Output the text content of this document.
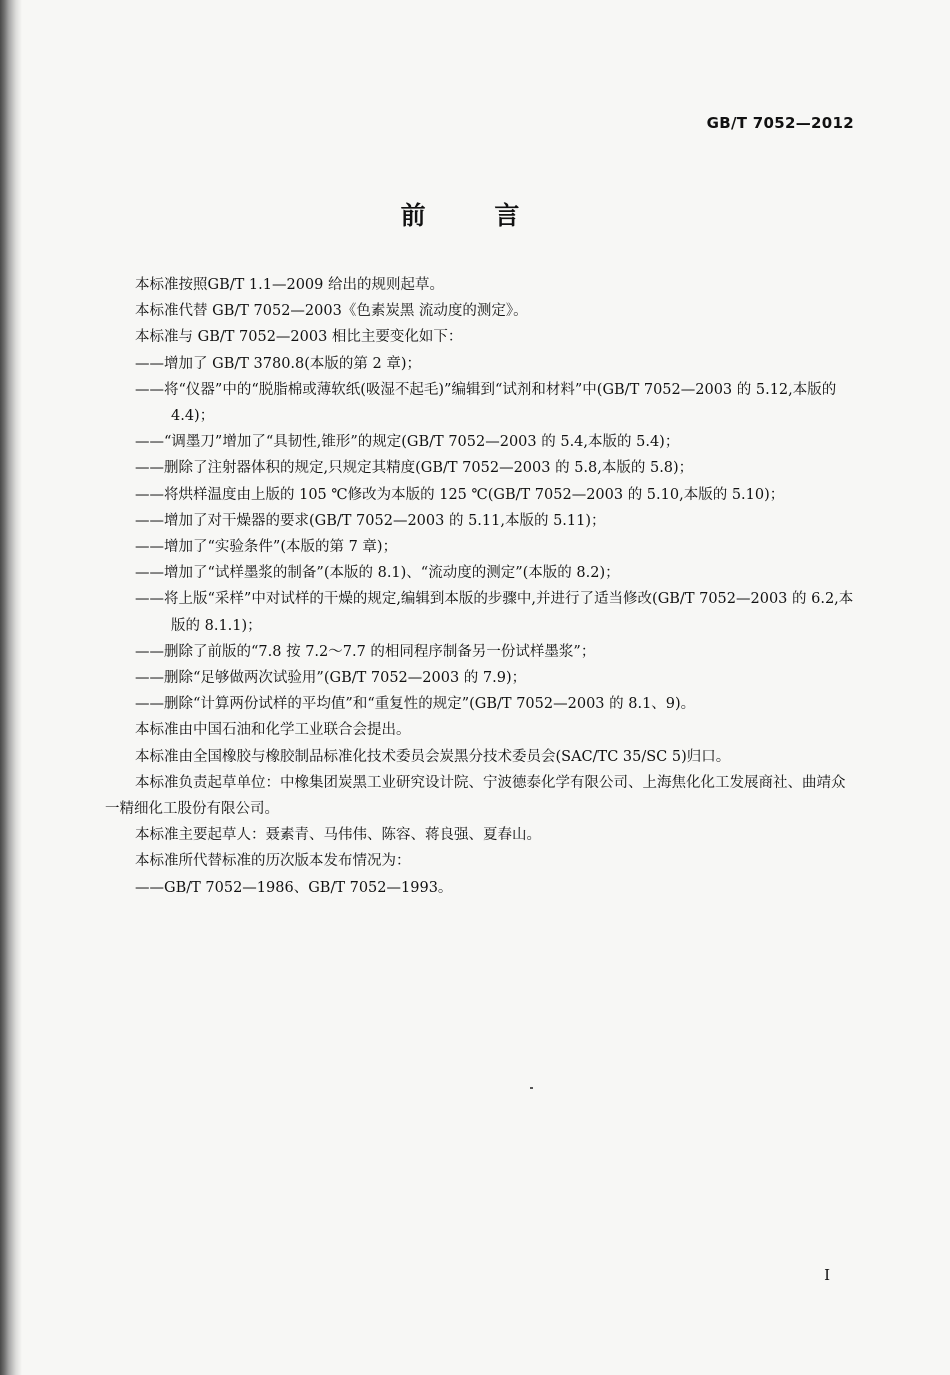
GB/T 7052—2012
前 言

本标准按照GB/T 1.1—2009 给出的规则起草。

本标准代替 GB/T 7052—2003《色素炭黑 流动度的测定》。

本标准与 GB/T 7052—2003 相比主要变化如下：

——增加了 GB/T 3780.8(本版的第 2 章)；

——将“仪器”中的“脱脂棉或薄软纸(吸湿不起毛)”编辑到“试剂和材料”中(GB/T 7052—2003 的 5.12,本版的 4.4)；

——“调墨刀”增加了“具韧性,锥形”的规定(GB/T 7052—2003 的 5.4,本版的 5.4)；

——删除了注射器体积的规定,只规定其精度(GB/T 7052—2003 的 5.8,本版的 5.8)；

——将烘样温度由上版的 105 ℃修改为本版的 125 ℃(GB/T 7052—2003 的 5.10,本版的 5.10)；

——增加了对干燥器的要求(GB/T 7052—2003 的 5.11,本版的 5.11)；

——增加了“实验条件”(本版的第 7 章)；

——增加了“试样墨浆的制备”(本版的 8.1)、“流动度的测定”(本版的 8.2)；

——将上版“采样”中对试样的干燥的规定,编辑到本版的步骤中,并进行了适当修改(GB/T 7052—2003 的 6.2,本版的 8.1.1)；

——删除了前版的“7.8 按 7.2～7.7 的相同程序制备另一份试样墨浆”；

——删除“足够做两次试验用”(GB/T 7052—2003 的 7.9)；

——删除“计算两份试样的平均值”和“重复性的规定”(GB/T 7052—2003 的 8.1、9)。

本标准由中国石油和化学工业联合会提出。

本标准由全国橡胶与橡胶制品标准化技术委员会炭黑分技术委员会(SAC/TC 35/SC 5)归口。

本标准负责起草单位：中橡集团炭黑工业研究设计院、宁波德泰化学有限公司、上海焦化化工发展商社、曲靖众一精细化工股份有限公司。

本标准主要起草人：聂素青、马伟伟、陈容、蒋良强、夏春山。

本标准所代替标准的历次版本发布情况为：

——GB/T 7052—1986、GB/T 7052—1993。

I
